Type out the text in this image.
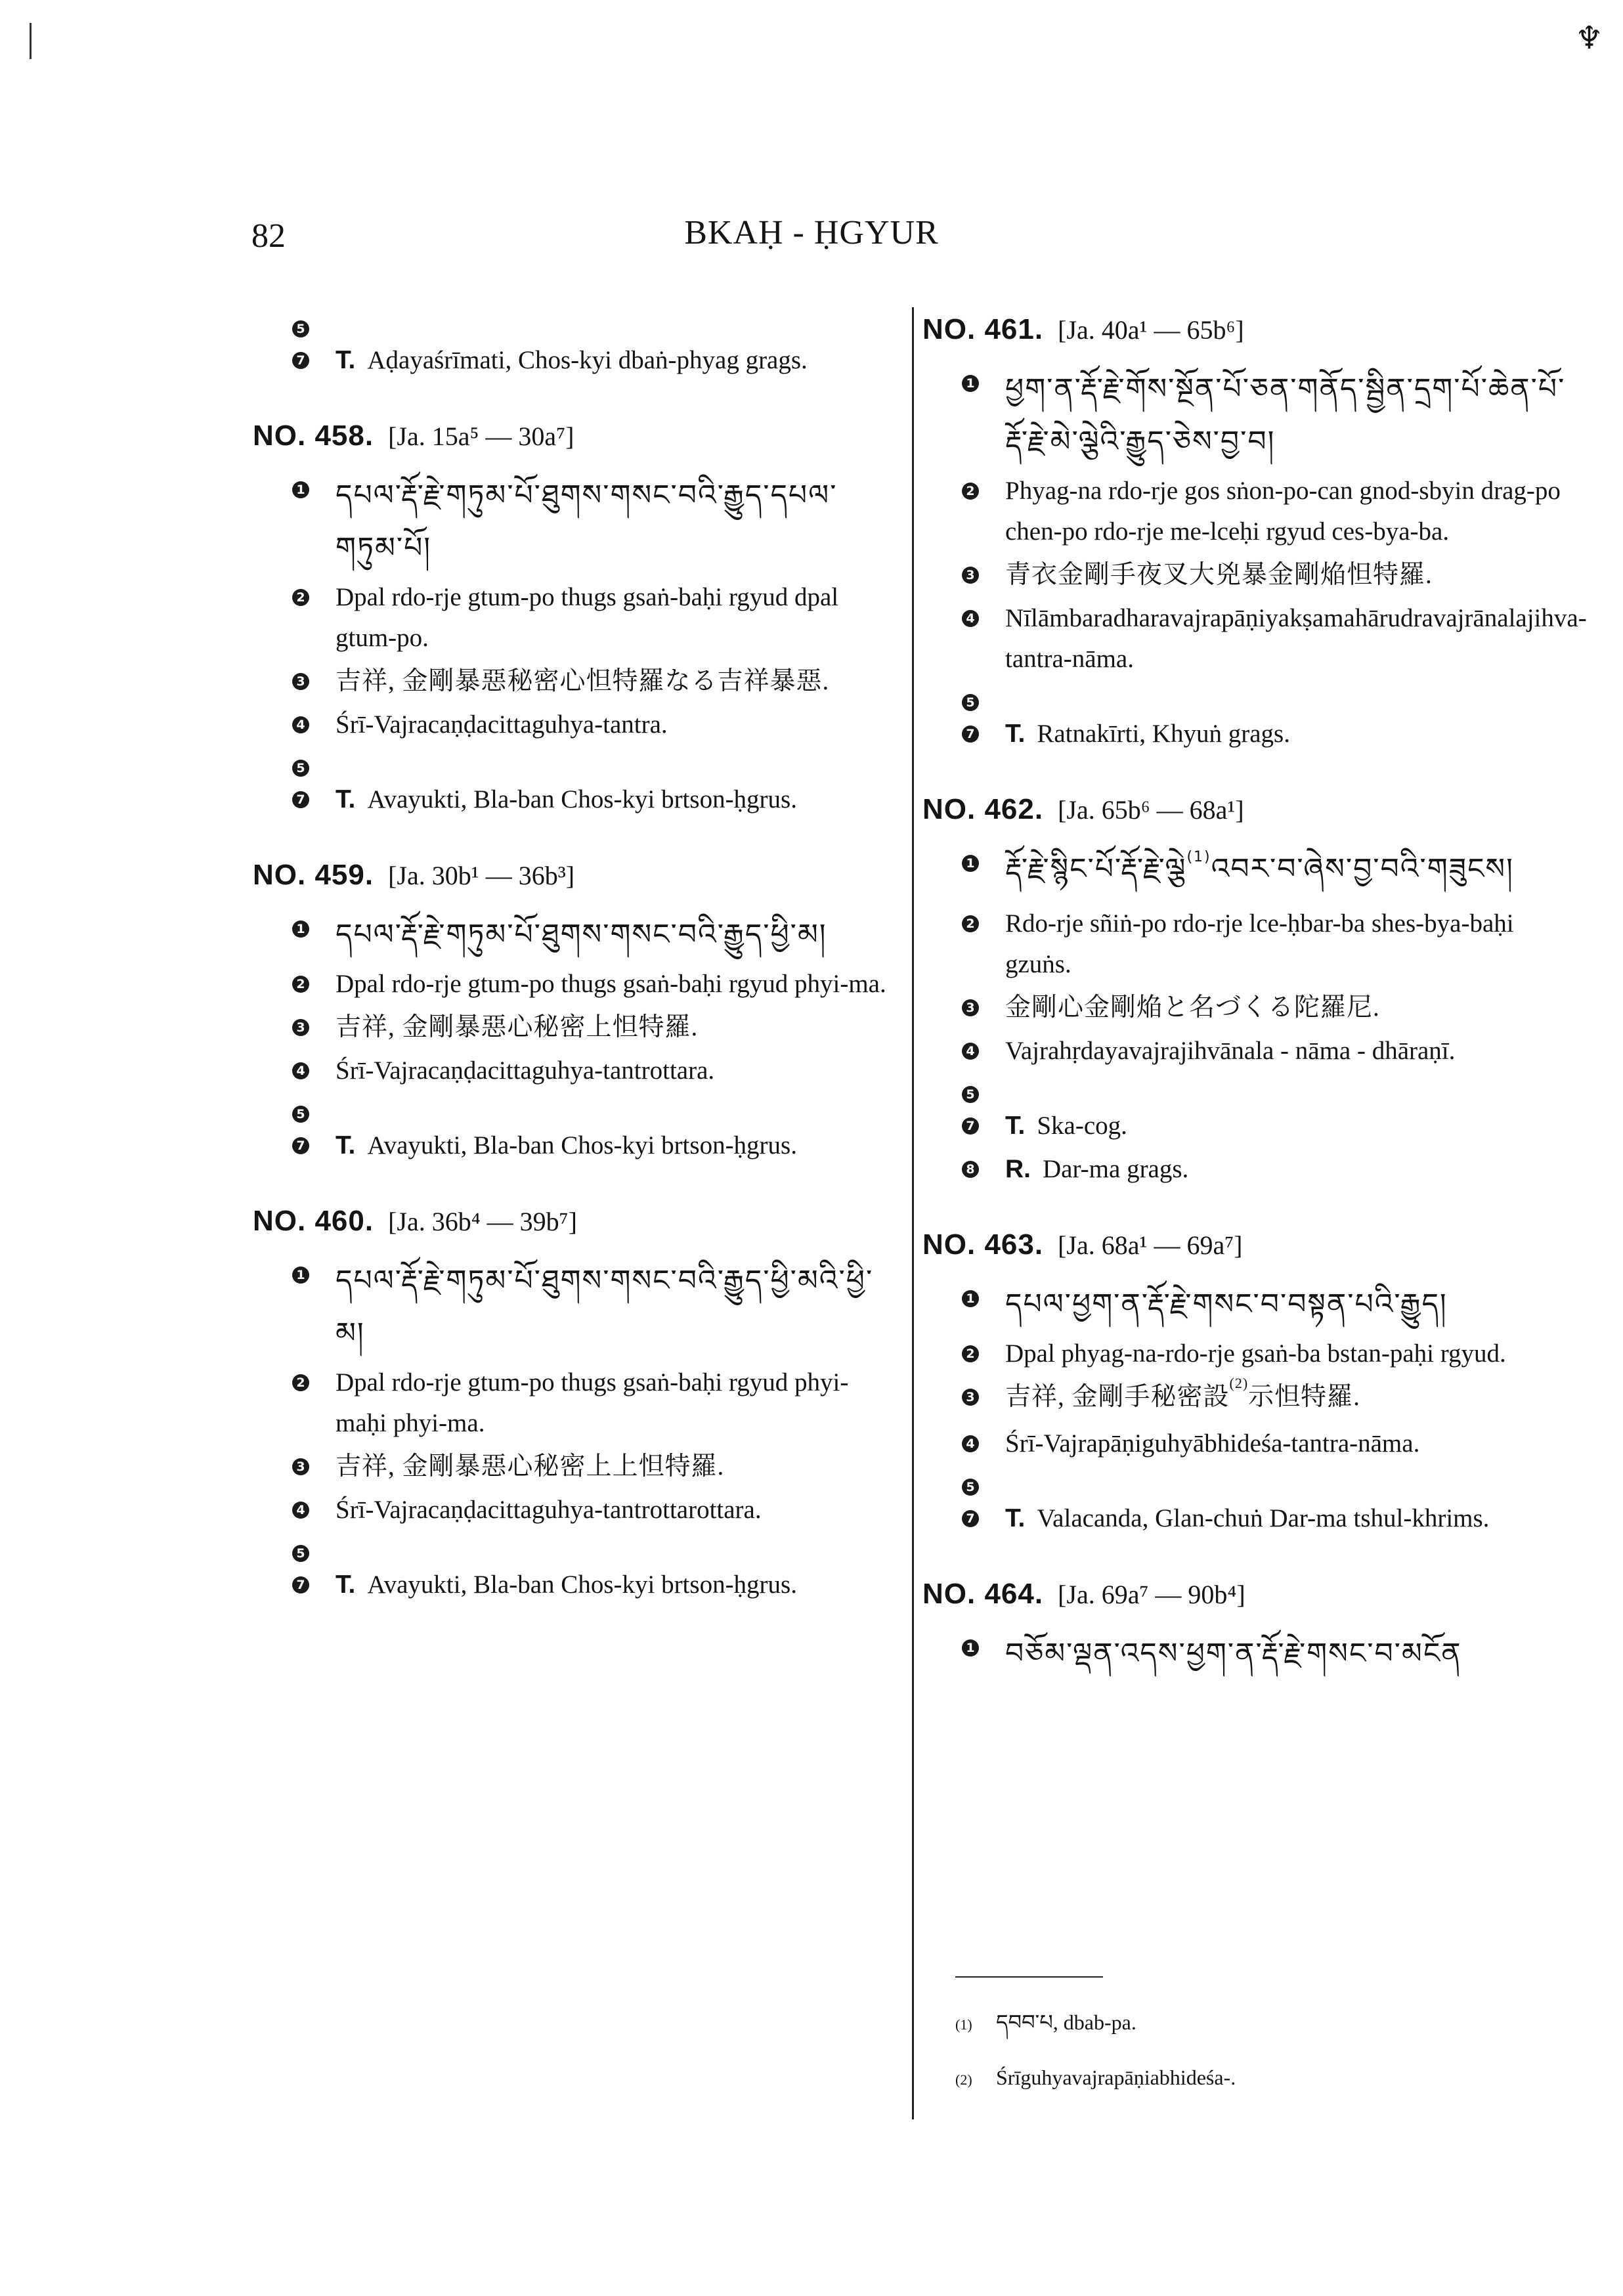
♆
82	BKAḤ - ḤGYUR
5
7 T. Aḍayaśrīmati, Chos-kyi dbaṅ-phyag grags.
NO. 458. [Ja. 15a⁵ — 30a⁷]
1 དཔལ་རྡོ་རྗེ་གཏུམ་པོ་ཐུགས་གསང་བའི་རྒྱུད་དཔལ་གཏུམ་པོ།
2 Dpal rdo-rje gtum-po thugs gsaṅ-baḥi rgyud dpal gtum-po.
3 吉祥, 金剛暴惡秘密心怛特羅なる吉祥暴惡.
4 Śrī-Vajracaṇḍacittaguhya-tantra.
5
7 T. Avayukti, Bla-ban Chos-kyi brtson-ḥgrus.
NO. 459. [Ja. 30b¹ — 36b³]
1 དཔལ་རྡོ་རྗེ་གཏུམ་པོ་ཐུགས་གསང་བའི་རྒྱུད་ཕྱི་མ།
2 Dpal rdo-rje gtum-po thugs gsaṅ-baḥi rgyud phyi-ma.
3 吉祥, 金剛暴惡心秘密上怛特羅.
4 Śrī-Vajracaṇḍacittaguhya-tantrottara.
5
7 T. Avayukti, Bla-ban Chos-kyi brtson-ḥgrus.
NO. 460. [Ja. 36b⁴ — 39b⁷]
1 དཔལ་རྡོ་རྗེ་གཏུམ་པོ་ཐུགས་གསང་བའི་རྒྱུད་ཕྱི་མའི་ཕྱི་མ།
2 Dpal rdo-rje gtum-po thugs gsaṅ-baḥi rgyud phyi-maḥi phyi-ma.
3 吉祥, 金剛暴惡心秘密上上怛特羅.
4 Śrī-Vajracaṇḍacittaguhya-tantrottarottara.
5
7 T. Avayukti, Bla-ban Chos-kyi brtson-ḥgrus.
NO. 461. [Ja. 40a¹ — 65b⁶]
1 ཕྱག་ན་རྡོ་རྗེ་གོས་སྔོན་པོ་ཅན་གནོད་སྦྱིན་དྲག་པོ་ཆེན་པོ་རྡོ་རྗེ་མེ་ལྕེའི་རྒྱུད་ཅེས་བྱ་བ།
2 Phyag-na rdo-rje gos sṅon-po-can gnod-sbyin drag-po chen-po rdo-rje me-lceḥi rgyud ces-bya-ba.
3 青衣金剛手夜叉大兇暴金剛焔怛特羅.
4 Nīlāmbaradharavajrapāṇiyakṣamahārudravajrānalajihva-tantra-nāma.
5
7 T. Ratnakīrti, Khyuṅ grags.
NO. 462. [Ja. 65b⁶ — 68a¹]
1 རྡོ་རྗེ་སྙིང་པོ་རྡོ་རྗེ་ལྕེ$^{(1)}$འབར་བ་ཞེས་བྱ་བའི་གཟུངས།
2 Rdo-rje sñiṅ-po rdo-rje lce-ḥbar-ba shes-bya-baḥi gzuṅs.
3 金剛心金剛焔と名づくる陀羅尼.
4 Vajrahṛdayavajrajihvānala - nāma - dhāraṇī.
5
7 T. Ska-cog.
8 R. Dar-ma grags.
NO. 463. [Ja. 68a¹ — 69a⁷]
1 དཔལ་ཕྱག་ན་རྡོ་རྗེ་གསང་བ་བསྟན་པའི་རྒྱུད།
2 Dpal phyag-na-rdo-rje gsaṅ-ba bstan-paḥi rgyud.
3 吉祥, 金剛手秘密設$^{(2)}$示怛特羅.
4 Śrī-Vajrapāṇiguhyābhideśa-tantra-nāma.
5
7 T. Valacanda, Glan-chuṅ Dar-ma tshul-khrims.
NO. 464. [Ja. 69a⁷ — 90b⁴]
1 བཅོམ་ལྡན་འདས་ཕྱག་ན་རྡོ་རྗེ་གསང་བ་མངོན
(1)	དབབ་པ, dbab-pa.
(2)	Śrīguhyavajrapāṇiabhideśa-.
